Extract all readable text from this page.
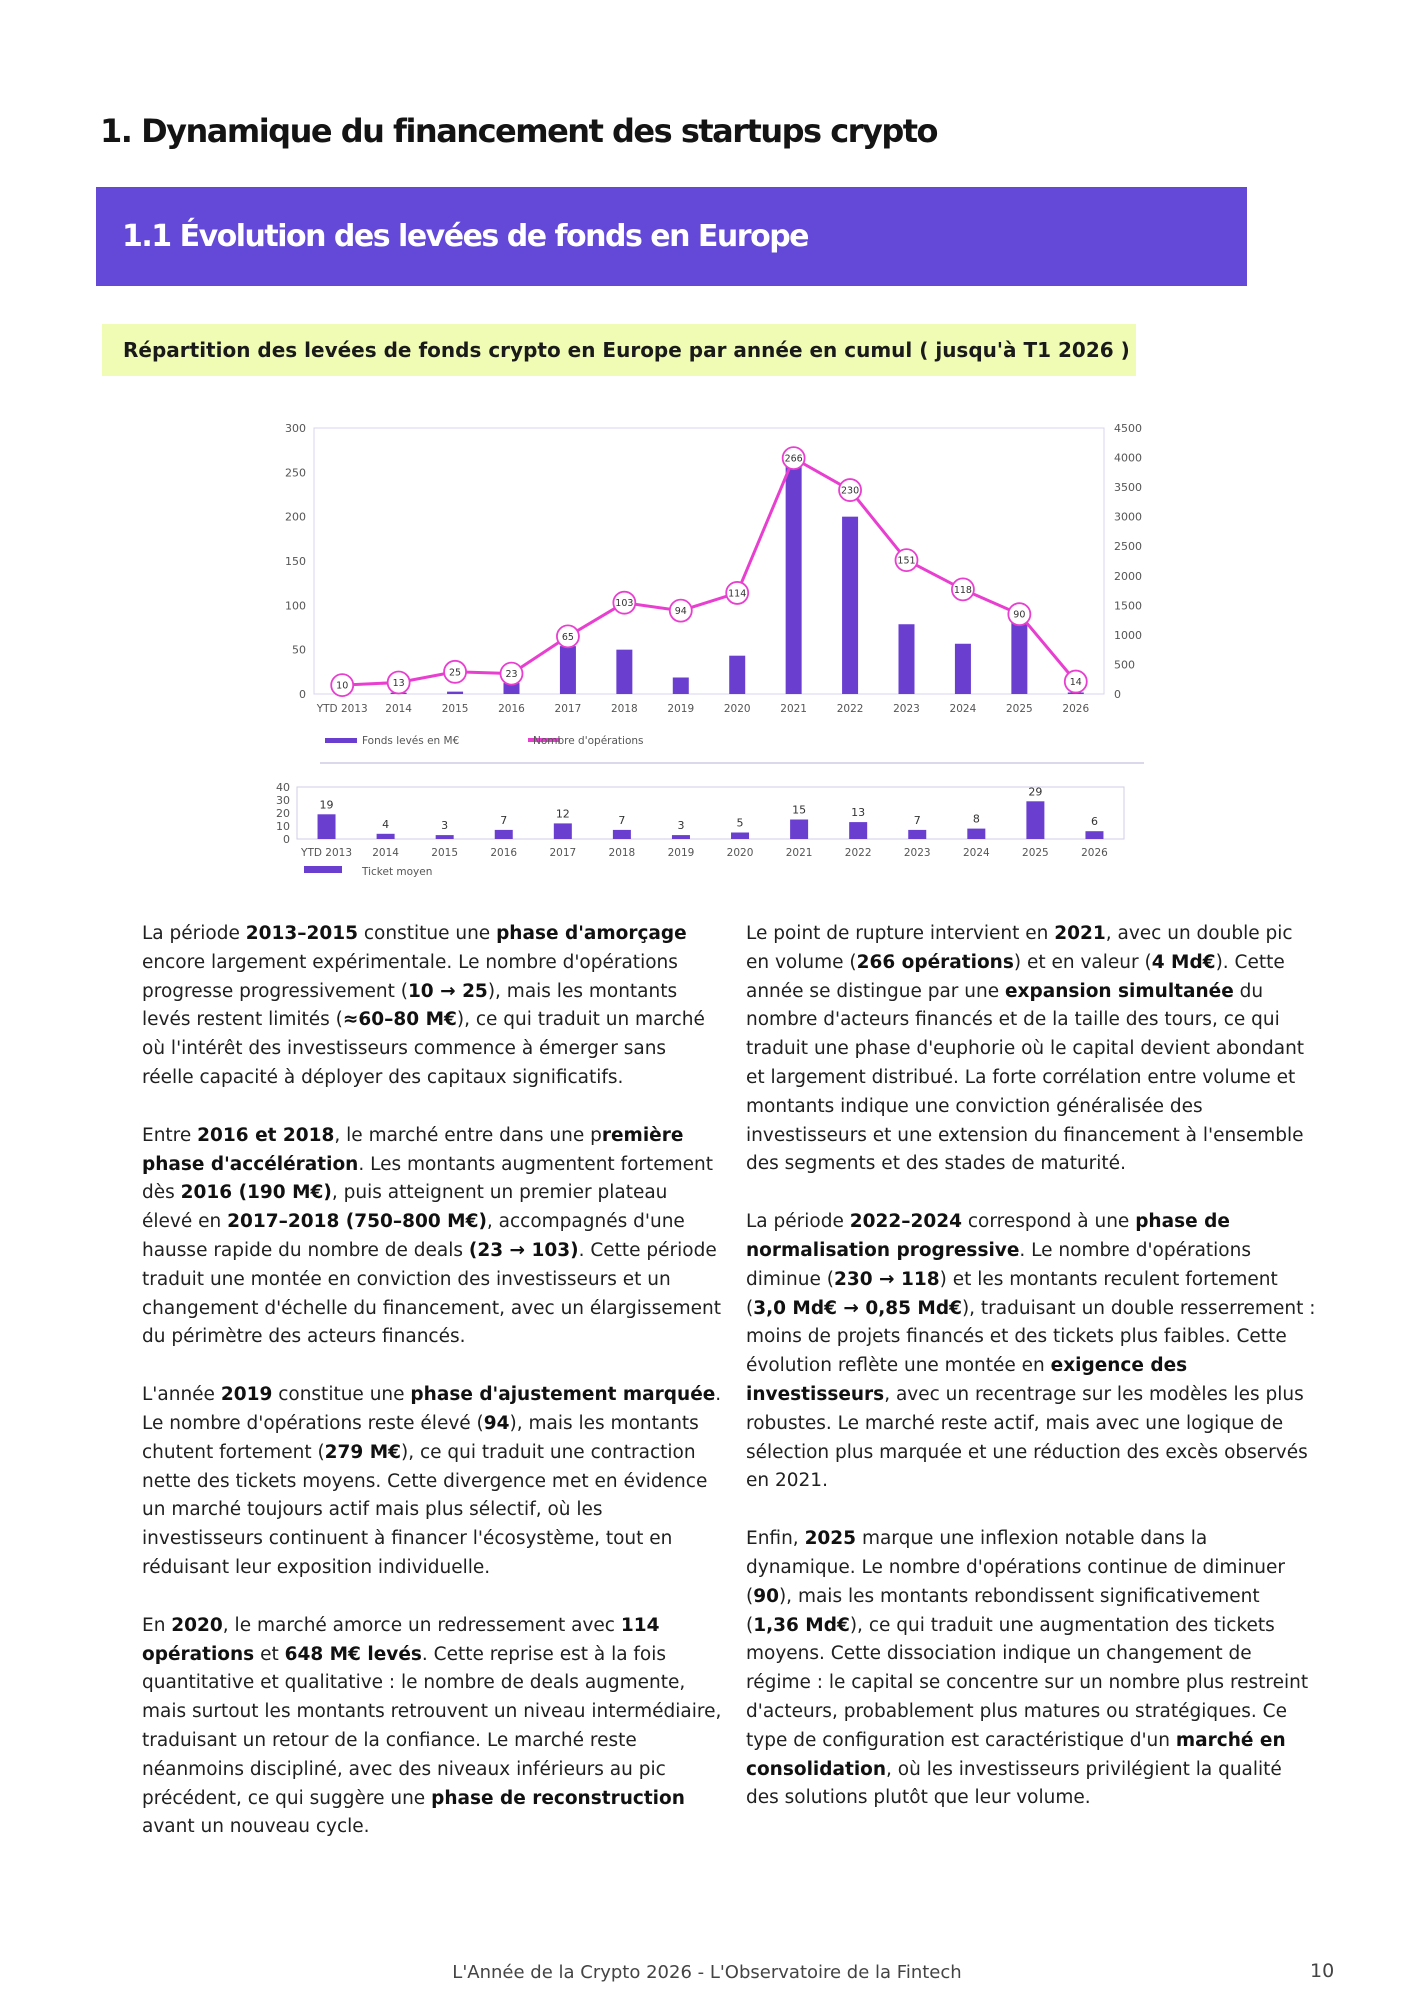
1. Dynamique du financement des startups crypto
1.1 Évolution des levées de fonds en Europe
Répartition des levées de fonds crypto en Europe par année en cumul ( jusqu'à T1 2026 )
300
250
200
150
100
50
0
4500
4000
3500
3000
2500
2000
1500
1000
500
0
10	13
25	23
65
103
94
114
266
230
151
118
90
14
YTD 2013 2014	2015	2016	2017	2018	2019	2020	2021	2022	2023	2024	2025	2026
Fonds levés en M€	Nombre d'opérations
40
30
20
10
0
19
4	3	7	12	7	3	5
15	13
7	8
29
6
YTD 2013 2014	2015	2016	2017	2018	2019	2020	2021	2022	2023	2024	2025	2026
Ticket moyen

La période 2013–2015 constitue une phase d'amorçage encore largement expérimentale. Le nombre d'opérations progresse progressivement (10 → 25), mais les montants levés restent limités (≈60–80 M€), ce qui traduit un marché où l'intérêt des investisseurs commence à émerger sans réelle capacité à déployer des capitaux significatifs.

Entre 2016 et 2018, le marché entre dans une première phase d'accélération. Les montants augmentent fortement dès 2016 (190 M€), puis atteignent un premier plateau élevé en 2017–2018 (750–800 M€), accompagnés d'une hausse rapide du nombre de deals (23 → 103). Cette période traduit une montée en conviction des investisseurs et un changement d'échelle du financement, avec un élargissement du périmètre des acteurs financés.

L'année 2019 constitue une phase d'ajustement marquée. Le nombre d'opérations reste élevé (94), mais les montants chutent fortement (279 M€), ce qui traduit une contraction nette des tickets moyens. Cette divergence met en évidence un marché toujours actif mais plus sélectif, où les investisseurs continuent à financer l'écosystème, tout en réduisant leur exposition individuelle.

En 2020, le marché amorce un redressement avec 114 opérations et 648 M€ levés. Cette reprise est à la fois quantitative et qualitative : le nombre de deals augmente, mais surtout les montants retrouvent un niveau intermédiaire, traduisant un retour de la confiance. Le marché reste néanmoins discipliné, avec des niveaux inférieurs au pic précédent, ce qui suggère une phase de reconstruction avant un nouveau cycle.

Le point de rupture intervient en 2021, avec un double pic en volume (266 opérations) et en valeur (4 Md€). Cette année se distingue par une expansion simultanée du nombre d'acteurs financés et de la taille des tours, ce qui traduit une phase d'euphorie où le capital devient abondant et largement distribué. La forte corrélation entre volume et montants indique une conviction généralisée des investisseurs et une extension du financement à l'ensemble des segments et des stades de maturité.

La période 2022–2024 correspond à une phase de normalisation progressive. Le nombre d'opérations diminue (230 → 118) et les montants reculent fortement (3,0 Md€ → 0,85 Md€), traduisant un double resserrement : moins de projets financés et des tickets plus faibles. Cette évolution reflète une montée en exigence des investisseurs, avec un recentrage sur les modèles les plus robustes. Le marché reste actif, mais avec une logique de sélection plus marquée et une réduction des excès observés en 2021.

Enfin, 2025 marque une inflexion notable dans la dynamique. Le nombre d'opérations continue de diminuer (90), mais les montants rebondissent significativement (1,36 Md€), ce qui traduit une augmentation des tickets moyens. Cette dissociation indique un changement de régime : le capital se concentre sur un nombre plus restreint d'acteurs, probablement plus matures ou stratégiques. Ce type de configuration est caractéristique d'un marché en consolidation, où les investisseurs privilégient la qualité des solutions plutôt que leur volume.

L'Année de la Crypto 2026 - L'Observatoire de la Fintech	10
